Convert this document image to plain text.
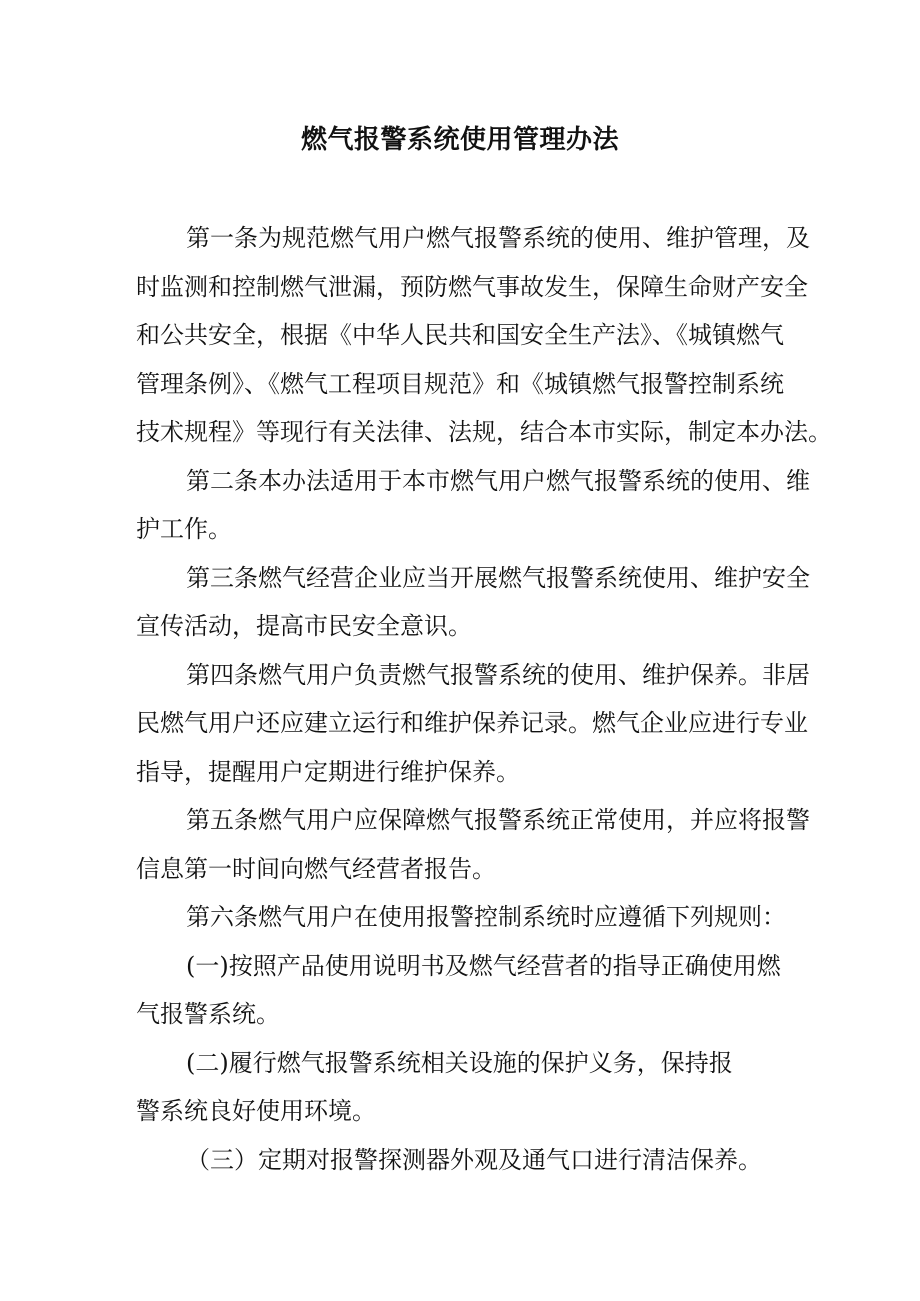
燃气报警系统使用管理办法
第一条为规范燃气用户燃气报警系统的使用、维护管理，及
时监测和控制燃气泄漏，预防燃气事故发生，保障生命财产安全
和公共安全，根据《中华人民共和国安全生产法》、《城镇燃气
管理条例》、《燃气工程项目规范》和《城镇燃气报警控制系统
技术规程》等现行有关法律、法规，结合本市实际，制定本办法。
第二条本办法适用于本市燃气用户燃气报警系统的使用、维
护工作。
第三条燃气经营企业应当开展燃气报警系统使用、维护安全
宣传活动，提高市民安全意识。
第四条燃气用户负责燃气报警系统的使用、维护保养。非居
民燃气用户还应建立运行和维护保养记录。燃气企业应进行专业
指导，提醒用户定期进行维护保养。
第五条燃气用户应保障燃气报警系统正常使用，并应将报警
信息第一时间向燃气经营者报告。
第六条燃气用户在使用报警控制系统时应遵循下列规则：
(一)按照产品使用说明书及燃气经营者的指导正确使用燃
气报警系统。
(二)履行燃气报警系统相关设施的保护义务，保持报
警系统良好使用环境。
（三）定期对报警探测器外观及通气口进行清洁保养。
